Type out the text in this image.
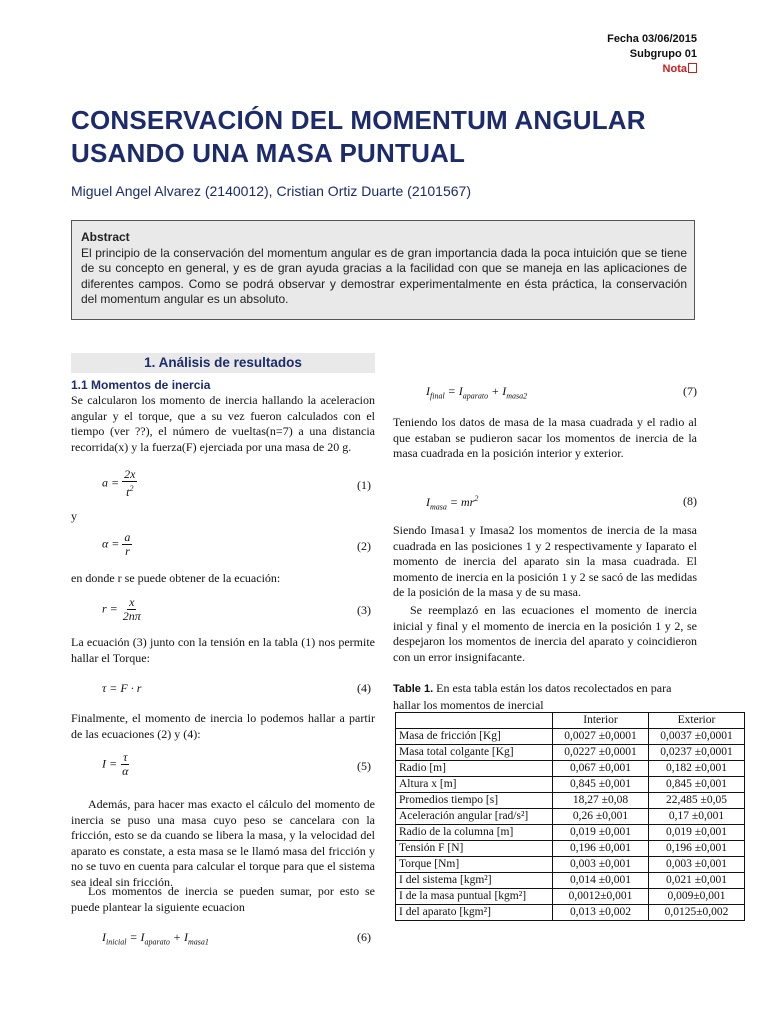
Fecha 03/06/2015
Subgrupo 01
Nota
CONSERVACIÓN DEL MOMENTUM ANGULAR
USANDO UNA MASA PUNTUAL
Miguel Angel Alvarez (2140012), Cristian Ortiz Duarte (2101567)
Abstract
El principio de la conservación del momentum angular es de gran importancia dada la poca intuición que se tiene de su concepto en general, y es de gran ayuda gracias a la facilidad con que se maneja en las aplicaciones de diferentes campos. Como se podrá observar y demostrar experimentalmente en ésta práctica, la conservación del momentum angular es un absoluto.
1. Análisis de resultados
1.1 Momentos de inercia
Se calcularon los momento de inercia hallando la aceleracion angular y el torque, que a su vez fueron calculados con el tiempo (ver ??), el número de vueltas(n=7) a una distancia recorrida(x) y la fuerza(F) ejerciada por una masa de 20 g.
$a = \frac{2x}{t^2}$	(1)
y
$\alpha = \frac{a}{r}$	(2)
en donde r se puede obtener de la ecuación:
$r = \frac{x}{2n\pi}$	(3)
La ecuación (3) junto con la tensión en la tabla (1) nos permite hallar el Torque:
τ = F · r	(4)
Finalmente, el momento de inercia lo podemos hallar a partir de las ecuaciones (2) y (4):
$I = \frac{\tau}{\alpha}$	(5)
Además, para hacer mas exacto el cálculo del momento de inercia se puso una masa cuyo peso se cancelara con la fricción, esto se da cuando se libera la masa, y la velocidad del aparato es constate, a esta masa se le llamó masa del fricción y no se tuvo en cuenta para calcular el torque para que el sistema sea ideal sin fricción.
Los momentos de inercia se pueden sumar, por esto se puede plantear la siguiente ecuacion
$I_{inicial} = I_{aparato} + I_{masa1}$	(6)
$I_{final} = I_{aparato} + I_{masa2}$	(7)
Teniendo los datos de masa de la masa cuadrada y el radio al que estaban se pudieron sacar los momentos de inercia de la masa cuadrada en la posición interior y exterior.
$I_{masa} = mr^2$	(8)
Siendo Imasa1 y Imasa2 los momentos de inercia de la masa cuadrada en las posiciones 1 y 2 respectivamente y Iaparato el momento de inercia del aparato sin la masa cuadrada. El momento de inercia en la posición 1 y 2 se sacó de las medidas de la posición de la masa y de su masa.
Se reemplazó en las ecuaciones el momento de inercia inicial y final y el momento de inercia en la posición 1 y 2, se despejaron los momentos de inercia del aparato y coincidieron con un error insignifacante.
Table 1. En esta tabla están los datos recolectados en para hallar los momentos de inercial
	Interior	Exterior
Masa de fricción [Kg]	0,0027 ±0,0001	0,0037 ±0,0001
Masa total colgante [Kg]	0,0227 ±0,0001	0,0237 ±0,0001
Radio [m]	0,067 ±0,001	0,182 ±0,001
Altura x [m]	0,845 ±0,001	0,845 ±0,001
Promedios tiempo [s]	18,27 ±0,08	22,485 ±0,05
Aceleración angular [rad/s²]	0,26 ±0,001	0,17 ±0,001
Radio de la columna [m]	0,019 ±0,001	0,019 ±0,001
Tensión F [N]	0,196 ±0,001	0,196 ±0,001
Torque [Nm]	0,003 ±0,001	0,003 ±0,001
I del sistema [kgm²]	0,014 ±0,001	0,021 ±0,001
I de la masa puntual [kgm²]	0,0012±0,001	0,009±0,001
I del aparato [kgm²]	0,013 ±0,002	0,0125±0,002
